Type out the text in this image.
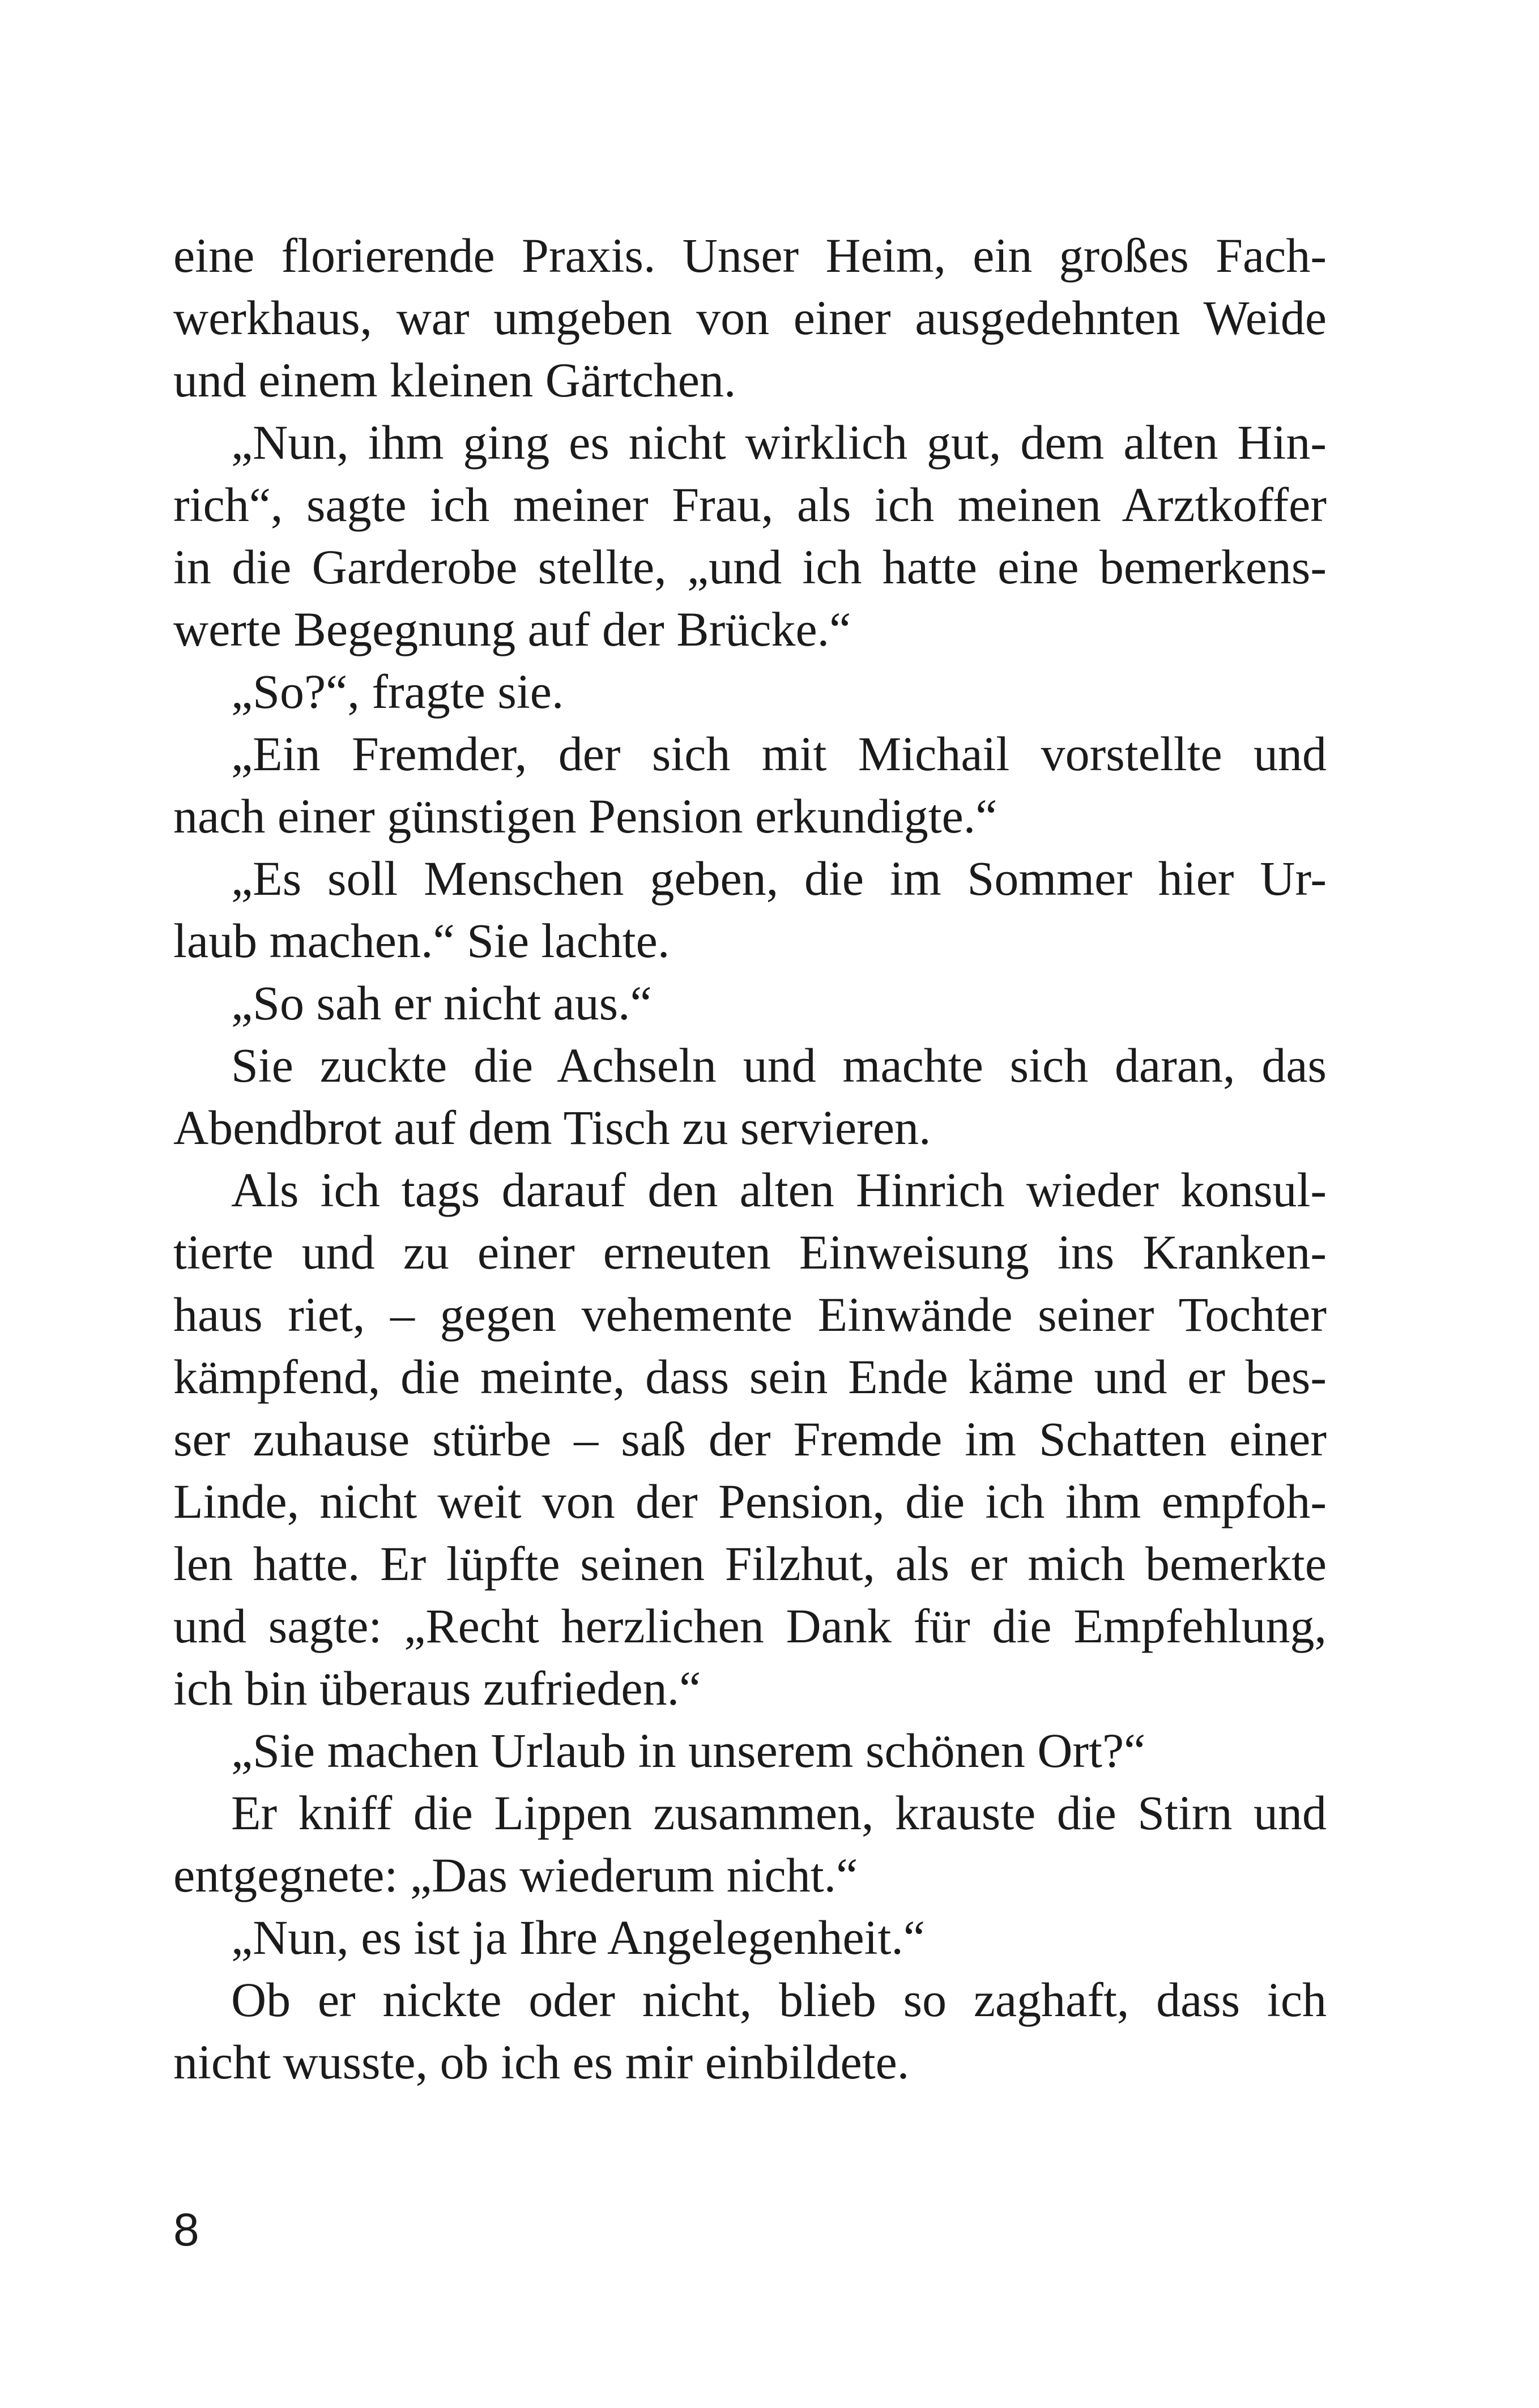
eine florierende Praxis. Unser Heim, ein großes Fach-
werkhaus, war umgeben von einer ausgedehnten Weide
und einem kleinen Gärtchen.
„Nun, ihm ging es nicht wirklich gut, dem alten Hin-
rich“, sagte ich meiner Frau, als ich meinen Arztkoffer
in die Garderobe stellte, „und ich hatte eine bemerkens-
werte Begegnung auf der Brücke.“
„So?“, fragte sie.
„Ein Fremder, der sich mit Michail vorstellte und
nach einer günstigen Pension erkundigte.“
„Es soll Menschen geben, die im Sommer hier Ur-
laub machen.“ Sie lachte.
„So sah er nicht aus.“
Sie zuckte die Achseln und machte sich daran, das
Abendbrot auf dem Tisch zu servieren.
Als ich tags darauf den alten Hinrich wieder konsul-
tierte und zu einer erneuten Einweisung ins Kranken-
haus riet, – gegen vehemente Einwände seiner Tochter
kämpfend, die meinte, dass sein Ende käme und er bes-
ser zuhause stürbe – saß der Fremde im Schatten einer
Linde, nicht weit von der Pension, die ich ihm empfoh-
len hatte. Er lüpfte seinen Filzhut, als er mich bemerkte
und sagte: „Recht herzlichen Dank für die Empfehlung,
ich bin überaus zufrieden.“
„Sie machen Urlaub in unserem schönen Ort?“
Er kniff die Lippen zusammen, krauste die Stirn und
entgegnete: „Das wiederum nicht.“
„Nun, es ist ja Ihre Angelegenheit.“
Ob er nickte oder nicht, blieb so zaghaft, dass ich
nicht wusste, ob ich es mir einbildete.
8
